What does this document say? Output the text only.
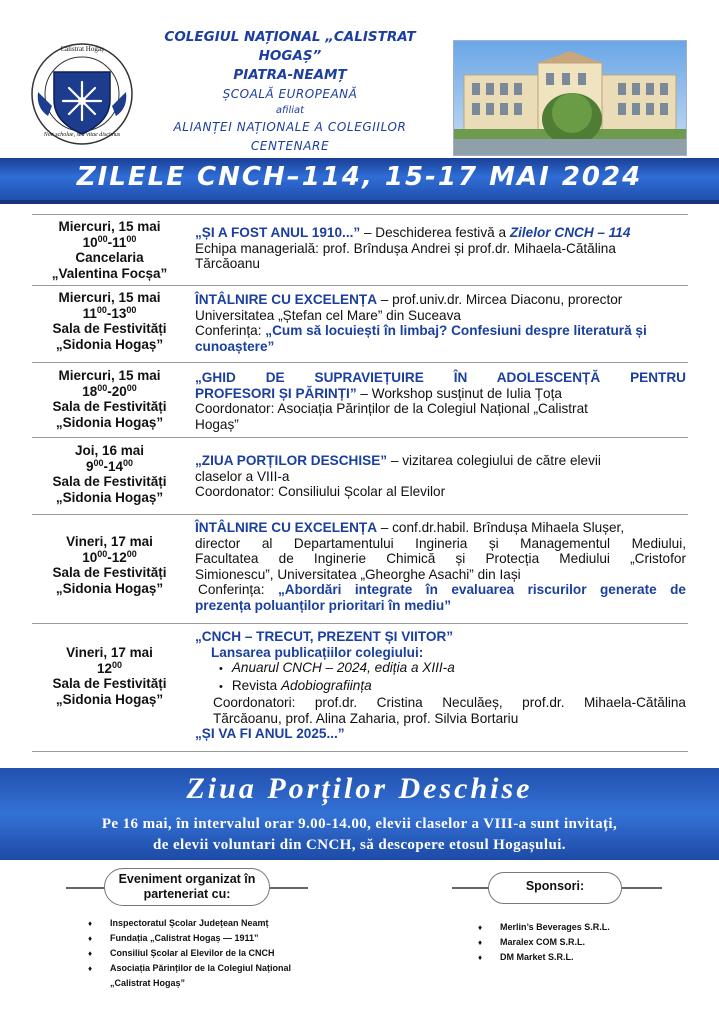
Calistrat Hogaș
Non scholae, sed vitae discimus
COLEGIUL NAȚIONAL „CALISTRAT HOGAȘ”
PIATRA-NEAMȚ
ȘCOALĂ EUROPEANĂ
afiliat
ALIANȚEI NAȚIONALE A COLEGIILOR
CENTENARE
ZILELE CNCH–114, 15-17 MAI 2024
Miercuri, 15 mai
$10^{00}-11^{00}$
Cancelaria
„Valentina Focșa”
„ȘI A FOST ANUL 1910...” – Deschiderea festivă a Zilelor CNCH – 114
Echipa managerială: prof. Brîndușa Andrei și prof.dr. Mihaela-Cătălina
Tărcăoanu
Miercuri, 15 mai
$11^{00}-13^{00}$
Sala de Festivități
„Sidonia Hogaș”
ÎNTÂLNIRE CU EXCELENȚA – prof.univ.dr. Mircea Diaconu, prorector
Universitatea „Ștefan cel Mare” din Suceava
Conferința: „Cum să locuiești în limbaj? Confesiuni despre literatură și
cunoaștere”
Miercuri, 15 mai
$18^{00}-20^{00}$
Sala de Festivități
„Sidonia Hogaș”
„GHID DE SUPRAVIEȚUIRE ÎN ADOLESCENȚĂ PENTRU
PROFESORI ȘI PĂRINȚI” – Workshop susținut de Iulia Țoța
Coordonator: Asociația Părinților de la Colegiul Național „Calistrat
Hogaș”
Joi, 16 mai
$9^{00}-14^{00}$
Sala de Festivități
„Sidonia Hogaș”
„ZIUA PORȚILOR DESCHISE” – vizitarea colegiului de către elevii
claselor a VIII-a
Coordonator: Consiliului Școlar al Elevilor
Vineri, 17 mai
$10^{00}-12^{00}$
Sala de Festivități
„Sidonia Hogaș”
ÎNTÂLNIRE CU EXCELENȚA – conf.dr.habil. Brîndușa Mihaela Slușer,
director al Departamentului Ingineria și Managementul Mediului,
Facultatea de Inginerie Chimică și Protecția Mediului „Cristofor
Simionescu”, Universitatea „Gheorghe Asachi” din Iași
Conferința: „Abordări integrate în evaluarea riscurilor generate de
prezența poluanților prioritari în mediu”
Vineri, 17 mai
$12^{00}$
Sala de Festivități
„Sidonia Hogaș”
„CNCH – TRECUT, PREZENT ȘI VIITOR”
Lansarea publicațiilor colegiului:
• Anuarul CNCH – 2024, ediția a XIII-a
• Revista Adobiograființa
Coordonatori: prof.dr. Cristina Neculăeș, prof.dr. Mihaela-Cătălina
Tărcăoanu, prof. Alina Zaharia, prof. Silvia Bortariu
„ȘI VA FI ANUL 2025...”
Ziua Porților Deschise
Pe 16 mai, în intervalul orar 9.00-14.00, elevii claselor a VIII-a sunt invitați,
de elevii voluntari din CNCH, să descopere etosul Hogașului.
Eveniment organizat în
parteneriat cu:
♦ Inspectoratul Școlar Județean Neamț
♦ Fundația „Calistrat Hogaș — 1911”
♦ Consiliul Școlar al Elevilor de la CNCH
♦ Asociația Părinților de la Colegiul Național
„Calistrat Hogaș”
Sponsori:
♦ Merlin’s Beverages S.R.L.
♦ Maralex COM S.R.L.
♦ DM Market S.R.L.
